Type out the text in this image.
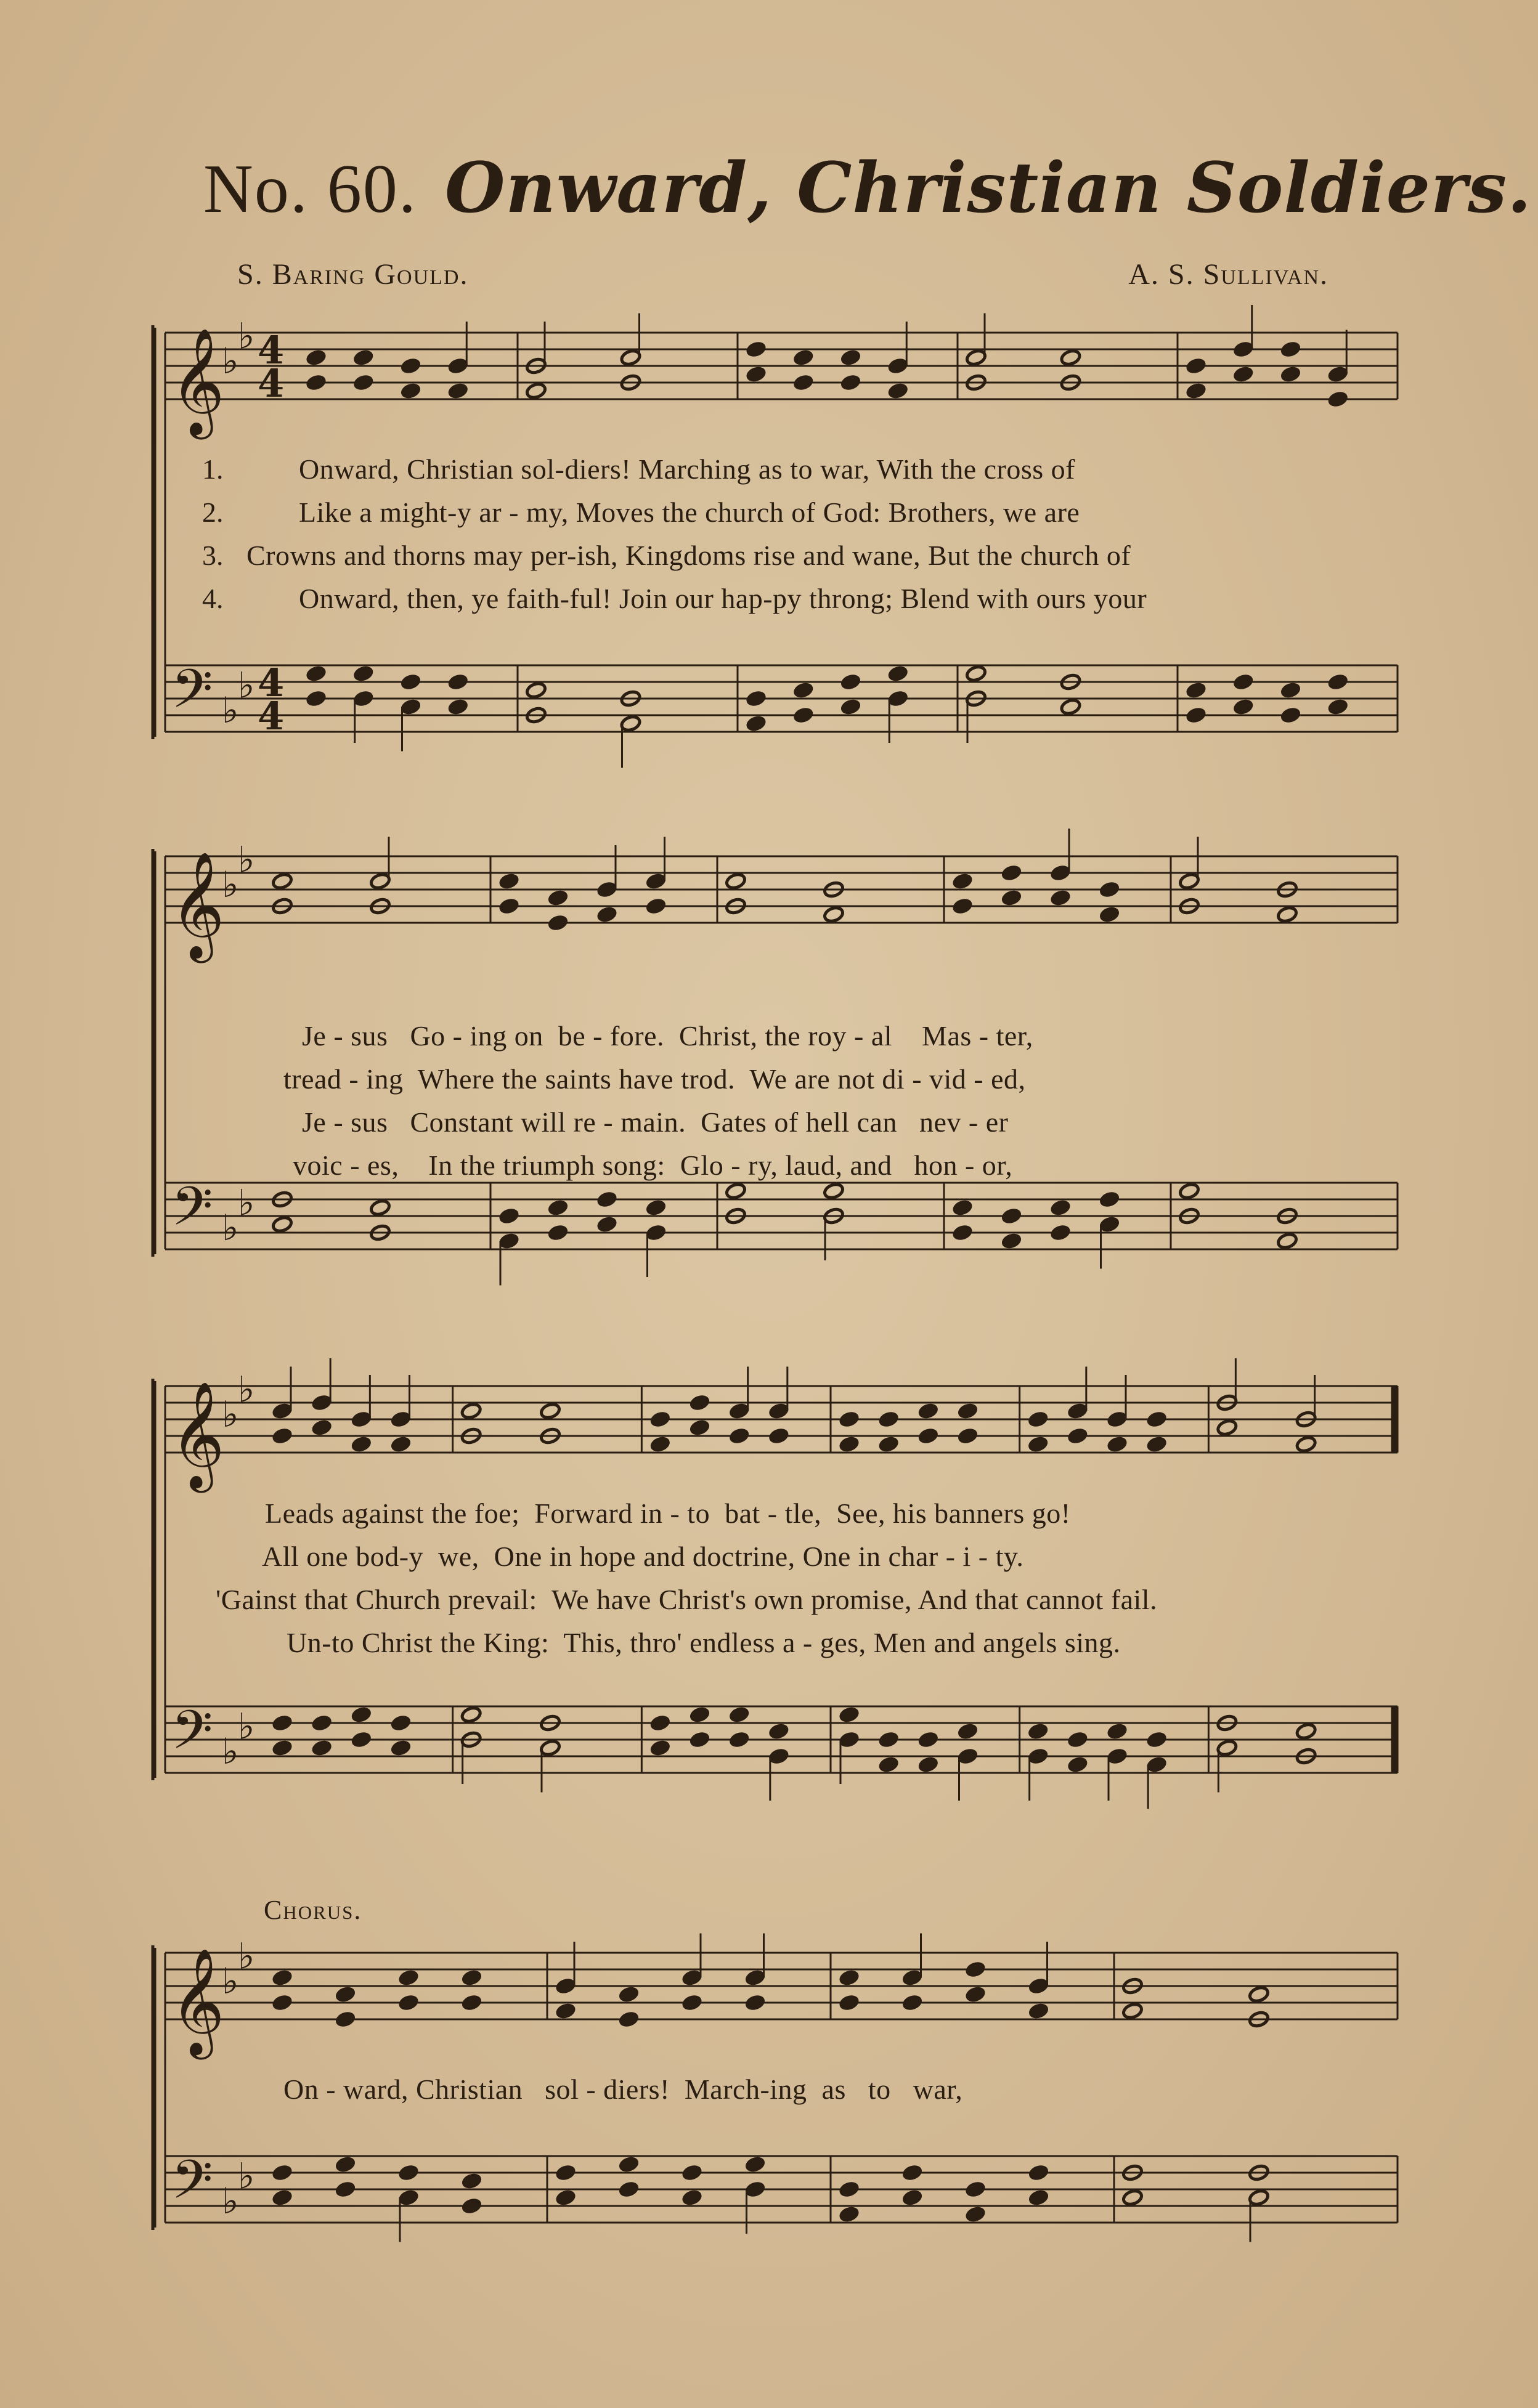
No. 60. Onward, Christian Soldiers.
S. Baring Gould.	A. S. Sullivan.
𝄞
𝄢
♭
♭
♭
♭
4
4
4
4
𝄞
𝄢
♭
♭
♭
♭
𝄞
𝄢
♭
♭
♭
♭
𝄞
𝄢
♭
♭
♭
♭
1.
2.
3.
4.
Onward, Christian sol-diers! Marching as to war, With the cross of
Like a might-y ar - my, Moves the church of God: Brothers, we are
Crowns and thorns may per-ish, Kingdoms rise and wane, But the church of
Onward, then, ye faith-ful! Join our hap-py throng; Blend with ours your
Je - sus   Go - ing on  be - fore.  Christ, the roy - al    Mas - ter,
tread - ing  Where the saints have trod.  We are not di - vid - ed,
Je - sus   Constant will re - main.  Gates of hell can   nev - er
voic - es,    In the triumph song:  Glo - ry, laud, and   hon - or,
Leads against the foe;  Forward in - to  bat - tle,  See, his banners go!
All one bod-y  we,  One in hope and doctrine, One in char - i - ty.
'Gainst that Church prevail:  We have Christ's own promise, And that cannot fail.
Un-to Christ the King:  This, thro' endless a - ges, Men and angels sing.
Chorus.
On - ward, Christian   sol - diers!  March-ing  as   to   war,
